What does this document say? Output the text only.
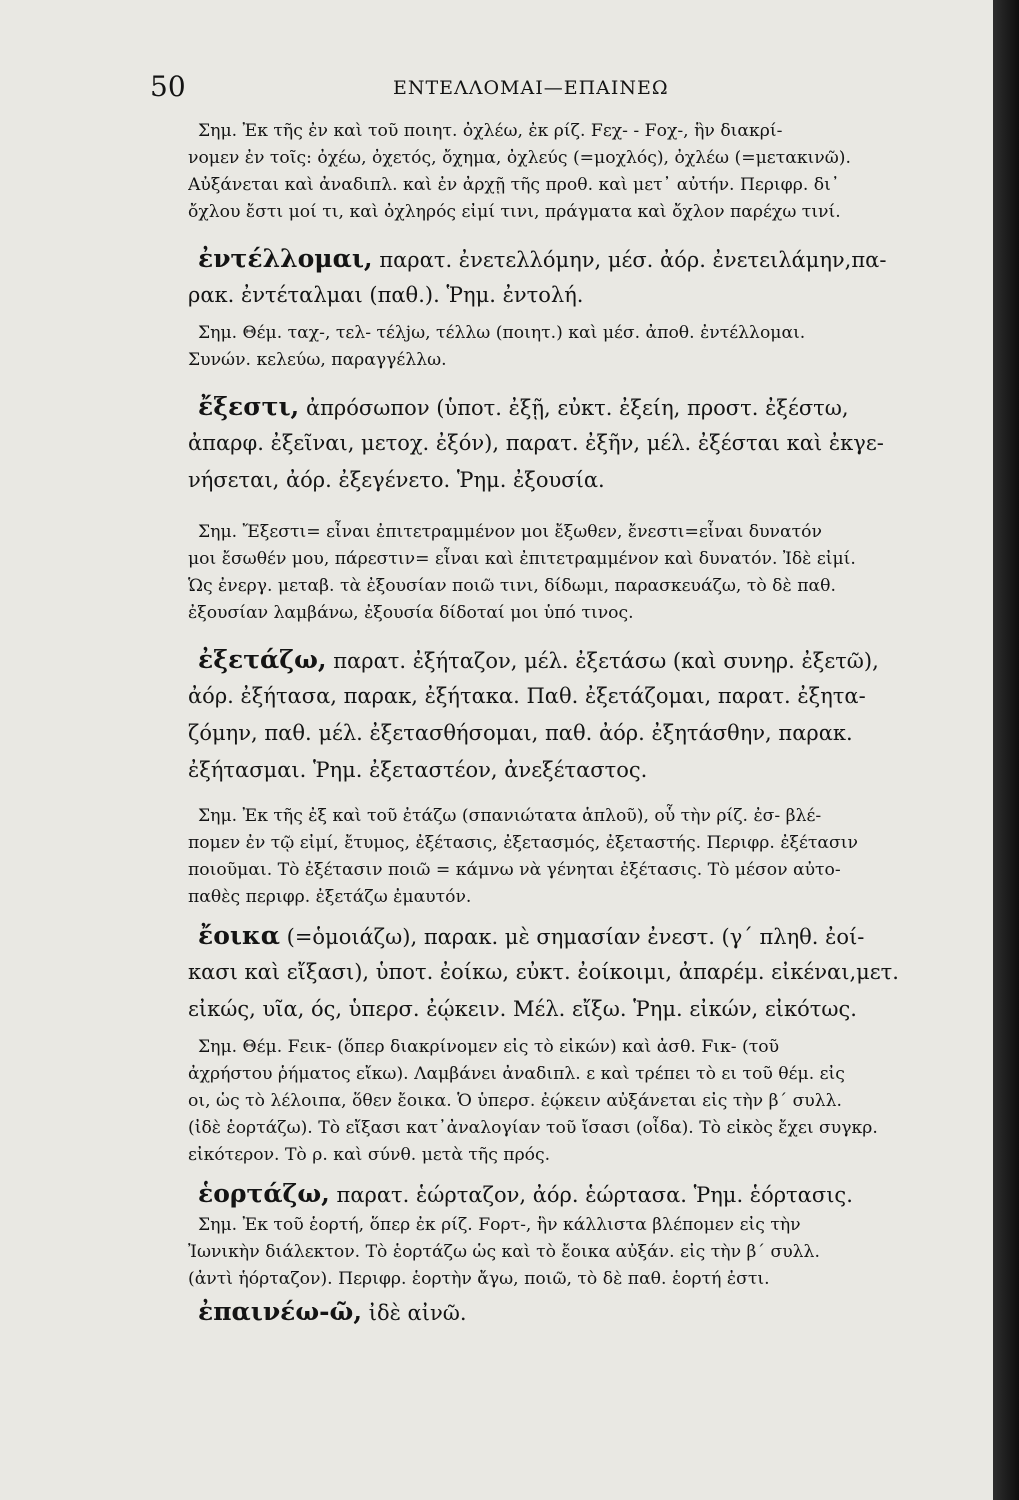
50	ΕΝΤΕΛΛΟΜΑΙ—ΕΠΑΙΝΕΩ
Σημ. Ἐκ τῆς ἐν καὶ τοῦ ποιητ. ὀχλέω, ἐκ ρίζ. Fεχ- - Fοχ-, ἣν διακρί-
νομεν ἐν τοῖς: ὀχέω, ὀχετός, ὄχημα, ὀχλεύς (=μοχλός), ὀχλέω (=μετακινῶ).
Αὐξάνεται καὶ ἀναδιπλ. καὶ ἐν ἀρχῇ τῆς προθ. καὶ μετ᾽ αὐτήν. Περιφρ. δι᾽
ὄχλου ἔστι μοί τι, καὶ ὀχληρός εἰμί τινι, πράγματα καὶ ὄχλον παρέχω τινί.
ἐντέλλομαι, παρατ. ἐνετελλόμην, μέσ. ἀόρ. ἐνετειλάμην,πα-
ρακ. ἐντέταλμαι (παθ.). Ῥημ. ἐντολή.
Σημ. Θέμ. ταχ-, τελ- τέλjω, τέλλω (ποιητ.) καὶ μέσ. ἀποθ. ἐντέλλομαι.
Συνών. κελεύω, παραγγέλλω.
ἔξεστι, ἀπρόσωπον (ὑποτ. ἐξῇ, εὐκτ. ἐξείη, προστ. ἐξέστω,
ἀπαρφ. ἐξεῖναι, μετοχ. ἐξόν), παρατ. ἐξῆν, μέλ. ἐξέσται καὶ ἐκγε-
νήσεται, ἀόρ. ἐξεγένετο. Ῥημ. ἐξουσία.
Σημ. Ἔξεστι= εἶναι ἐπιτετραμμένον μοι ἔξωθεν, ἔνεστι=εἶναι δυνατόν
μοι ἔσωθέν μου, πάρεστιν= εἶναι καὶ ἐπιτετραμμένον καὶ δυνατόν. Ἰδὲ εἰμί.
Ὡς ἐνεργ. μεταβ. τὰ ἐξουσίαν ποιῶ τινι, δίδωμι, παρασκευάζω, τὸ δὲ παθ.
ἐξουσίαν λαμβάνω, ἐξουσία δίδοταί μοι ὑπό τινος.
ἐξετάζω, παρατ. ἐξήταζον, μέλ. ἐξετάσω (καὶ συνηρ. ἐξετῶ),
ἀόρ. ἐξήτασα, παρακ, ἐξήτακα. Παθ. ἐξετάζομαι, παρατ. ἐξητα-
ζόμην, παθ. μέλ. ἐξετασθήσομαι, παθ. ἀόρ. ἐξητάσθην, παρακ.
ἐξήτασμαι. Ῥημ. ἐξεταστέον, ἀνεξέταστος.
Σημ. Ἐκ τῆς ἐξ καὶ τοῦ ἐτάζω (σπανιώτατα ἁπλοῦ), οὗ τὴν ρίζ. ἐσ- βλέ-
πομεν ἐν τῷ εἰμί, ἔτυμος, ἐξέτασις, ἐξετασμός, ἐξεταστής. Περιφρ. ἐξέτασιν
ποιοῦμαι. Τὸ ἐξέτασιν ποιῶ = κάμνω νὰ γένηται ἐξέτασις. Τὸ μέσον αὐτο-
παθὲς περιφρ. ἐξετάζω ἐμαυτόν.
ἔοικα (=ὁμοιάζω), παρακ. μὲ σημασίαν ἐνεστ. (γ΄ πληθ. ἐοί-
κασι καὶ εἴξασι), ὑποτ. ἐοίκω, εὐκτ. ἐοίκοιμι, ἀπαρέμ. εἰκέναι,μετ.
εἰκώς, υῖα, ός, ὑπερσ. ἐῴκειν. Μέλ. εἴξω. Ῥημ. εἰκών, εἰκότως.
Σημ. Θέμ. Fεικ- (ὅπερ διακρίνομεν εἰς τὸ εἰκών) καὶ ἀσθ. Fικ- (τοῦ
ἀχρήστου ῥήματος εἴκω). Λαμβάνει ἀναδιπλ. ε καὶ τρέπει τὸ ει τοῦ θέμ. εἰς
οι, ὡς τὸ λέλοιπα, ὅθεν ἔοικα. Ὁ ὑπερσ. ἐῴκειν αὐξάνεται εἰς τὴν β΄ συλλ.
(ἰδὲ ἑορτάζω). Τὸ εἴξασι κατ᾽ἀναλογίαν τοῦ ἴσασι (οἶδα). Τὸ εἰκὸς ἔχει συγκρ.
εἰκότερον. Τὸ ρ. καὶ σύνθ. μετὰ τῆς πρός.
ἑορτάζω, παρατ. ἑώρταζον, ἀόρ. ἑώρτασα. Ῥημ. ἑόρτασις.
Σημ. Ἐκ τοῦ ἑορτή, ὅπερ ἐκ ρίζ. Fορτ-, ἣν κάλλιστα βλέπομεν εἰς τὴν
Ἰωνικὴν διάλεκτον. Τὸ ἑορτάζω ὡς καὶ τὸ ἔοικα αὐξάν. εἰς τὴν β΄ συλλ.
(ἀντὶ ἡόρταζον). Περιφρ. ἑορτὴν ἄγω, ποιῶ, τὸ δὲ παθ. ἑορτή ἐστι.
ἐπαινέω-ῶ, ἰδὲ αἰνῶ.
